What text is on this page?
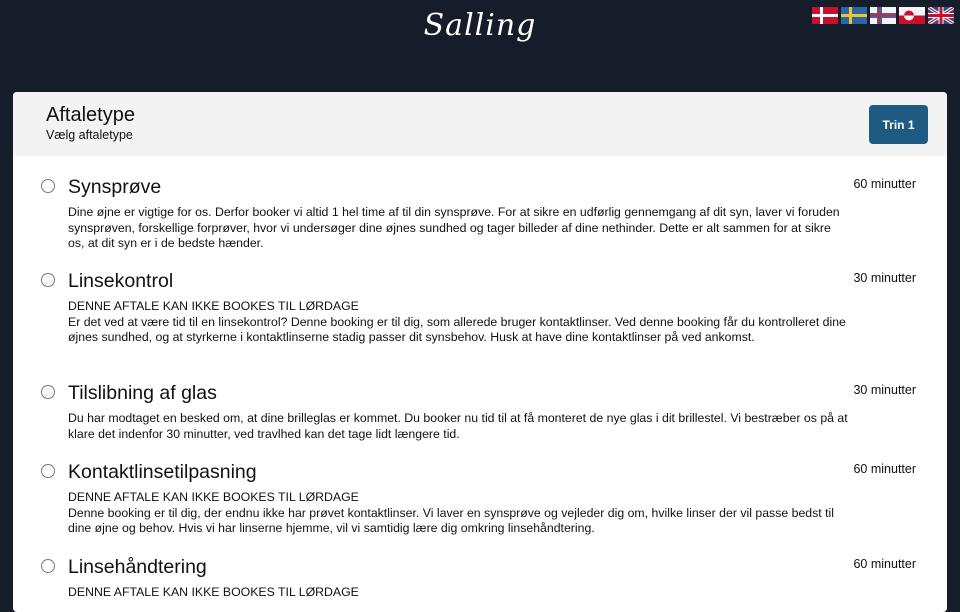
Salling
Aftaletype
Vælg aftaletype
Trin 1
Synsprøve	60 minutter
Dine øjne er vigtige for os. Derfor booker vi altid 1 hel time af til din synsprøve. For at sikre en udførlig gennemgang af dit syn, laver vi foruden synsprøven, forskellige forprøver, hvor vi undersøger dine øjnes sundhed og tager billeder af dine nethinder. Dette er alt sammen for at sikre os, at dit syn er i de bedste hænder.
Linsekontrol	30 minutter
DENNE AFTALE KAN IKKE BOOKES TIL LØRDAGE
Er det ved at være tid til en linsekontrol? Denne booking er til dig, som allerede bruger kontaktlinser. Ved denne booking får du kontrolleret dine øjnes sundhed, og at styrkerne i kontaktlinserne stadig passer dit synsbehov. Husk at have dine kontaktlinser på ved ankomst.
Tilslibning af glas	30 minutter
Du har modtaget en besked om, at dine brilleglas er kommet. Du booker nu tid til at få monteret de nye glas i dit brillestel. Vi bestræber os på at klare det indenfor 30 minutter, ved travlhed kan det tage lidt længere tid.
Kontaktlinsetilpasning	60 minutter
DENNE AFTALE KAN IKKE BOOKES TIL LØRDAGE
Denne booking er til dig, der endnu ikke har prøvet kontaktlinser. Vi laver en synsprøve og vejleder dig om, hvilke linser der vil passe bedst til dine øjne og behov. Hvis vi har linserne hjemme, vil vi samtidig lære dig omkring linsehåndtering.
Linsehåndtering	60 minutter
DENNE AFTALE KAN IKKE BOOKES TIL LØRDAGE
